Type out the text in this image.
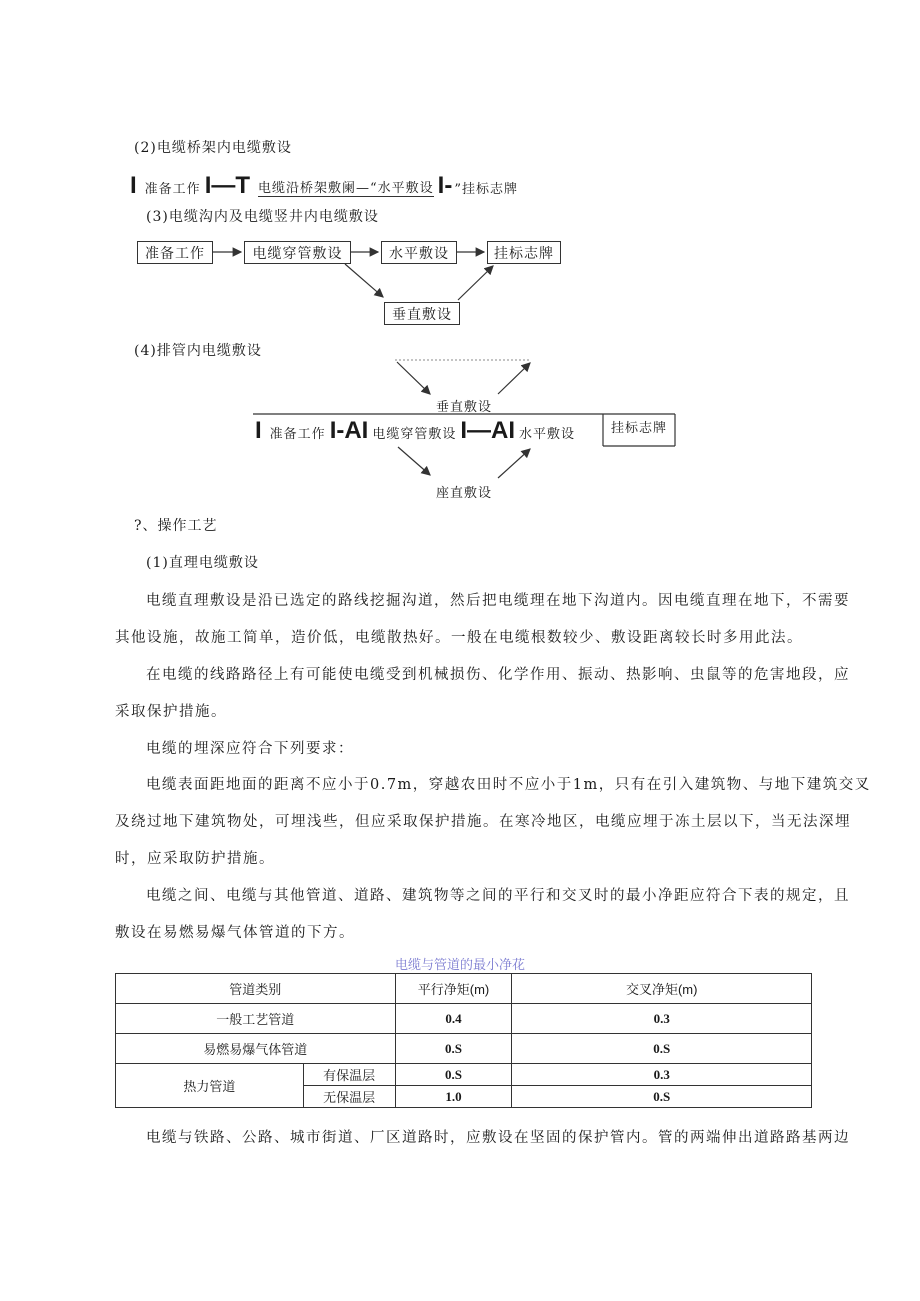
(2)电缆桥架内电缆敷设
I 准备工作 I—T 电缆沿桥架敷阑—“水平敷设 I- ”挂标志牌
(3)电缆沟内及电缆竖井内电缆敷设
准备工作	电缆穿管敷设	水平敷设	挂标志牌
垂直敷设
(4)排管内电缆敷设
垂直敷设
I 准备工作 I-AI 电缆穿管敷设 I—AI 水平敷设	挂标志牌
座直敷设
?、操作工艺
(1)直理电缆敷设
电缆直理敷设是沿已选定的路线挖掘沟道，然后把电缆理在地下沟道内。因电缆直理在地下，不需要
其他设施，故施工简单，造价低，电缆散热好。一般在电缆根数较少、敷设距离较长时多用此法。
在电缆的线路路径上有可能使电缆受到机械损伤、化学作用、振动、热影响、虫鼠等的危害地段，应
采取保护措施。
电缆的埋深应符合下列要求：
电缆表面距地面的距离不应小于0.7m，穿越农田时不应小于1m，只有在引入建筑物、与地下建筑交叉
及绕过地下建筑物处，可埋浅些，但应采取保护措施。在寒冷地区，电缆应埋于冻土层以下，当无法深埋
时，应采取防护措施。
电缆之间、电缆与其他管道、道路、建筑物等之间的平行和交叉时的最小净距应符合下表的规定，且
敷设在易燃易爆气体管道的下方。
电缆与管道的最小净花
管道类别		平行净矩(m)	交叉净矩(m)
一般工艺管道		0.4	0.3
易燃易爆气体管道		0.S	0.S
热力管道	有保温层	0.S	0.3
	无保温层	1.0	0.S
电缆与铁路、公路、城市街道、厂区道路时，应敷设在坚固的保护管内。管的两端伸出道路路基两边
